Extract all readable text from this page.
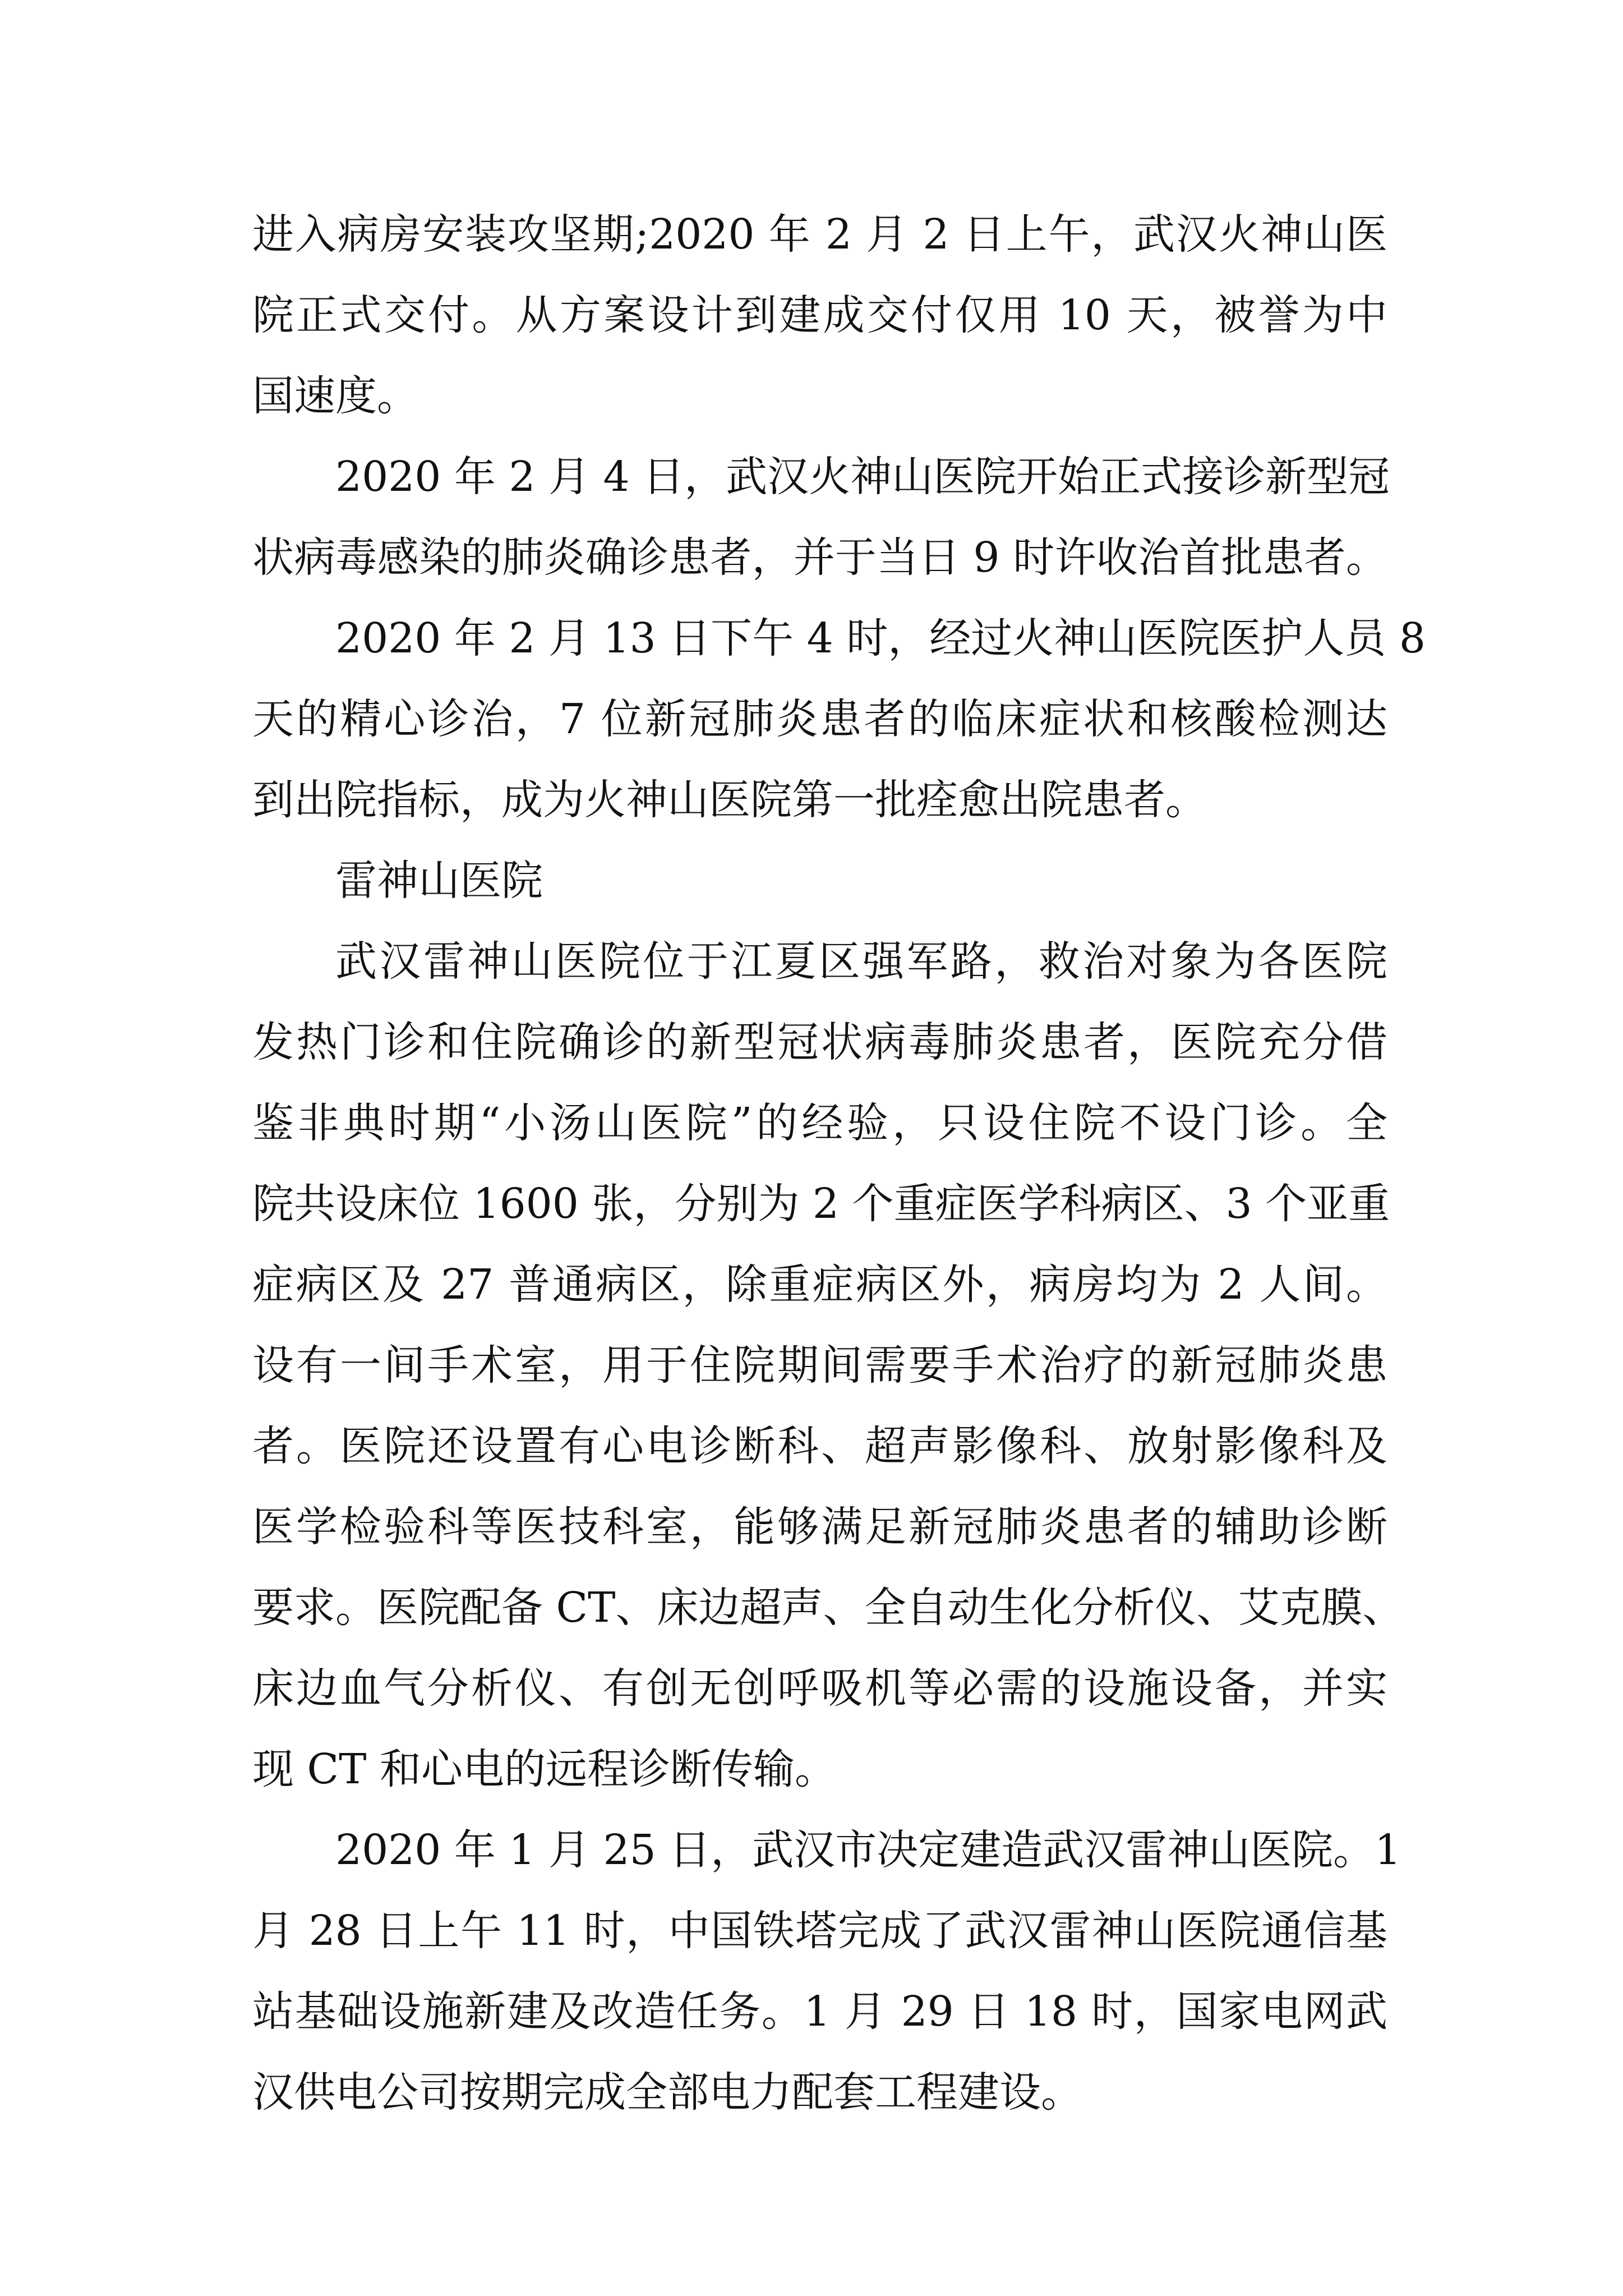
进入病房安装攻坚期;2020 年 2 月 2 日上午，武汉火神山医
院正式交付。从方案设计到建成交付仅用 10 天，被誉为中
国速度。
2020 年 2 月 4 日，武汉火神山医院开始正式接诊新型冠
状病毒感染的肺炎确诊患者，并于当日 9 时许收治首批患者。
2020 年 2 月 13 日下午 4 时，经过火神山医院医护人员 8
天的精心诊治，7 位新冠肺炎患者的临床症状和核酸检测达
到出院指标，成为火神山医院第一批痊愈出院患者。
雷神山医院
武汉雷神山医院位于江夏区强军路，救治对象为各医院
发热门诊和住院确诊的新型冠状病毒肺炎患者，医院充分借
鉴非典时期“小汤山医院”的经验，只设住院不设门诊。全
院共设床位 1600 张，分别为 2 个重症医学科病区、3 个亚重
症病区及 27 普通病区，除重症病区外，病房均为 2 人间。
设有一间手术室，用于住院期间需要手术治疗的新冠肺炎患
者。医院还设置有心电诊断科、超声影像科、放射影像科及
医学检验科等医技科室，能够满足新冠肺炎患者的辅助诊断
要求。医院配备 CT、床边超声、全自动生化分析仪、艾克膜、
床边血气分析仪、有创无创呼吸机等必需的设施设备，并实
现 CT 和心电的远程诊断传输。
2020 年 1 月 25 日，武汉市决定建造武汉雷神山医院。1
月 28 日上午 11 时，中国铁塔完成了武汉雷神山医院通信基
站基础设施新建及改造任务。1 月 29 日 18 时，国家电网武
汉供电公司按期完成全部电力配套工程建设。
